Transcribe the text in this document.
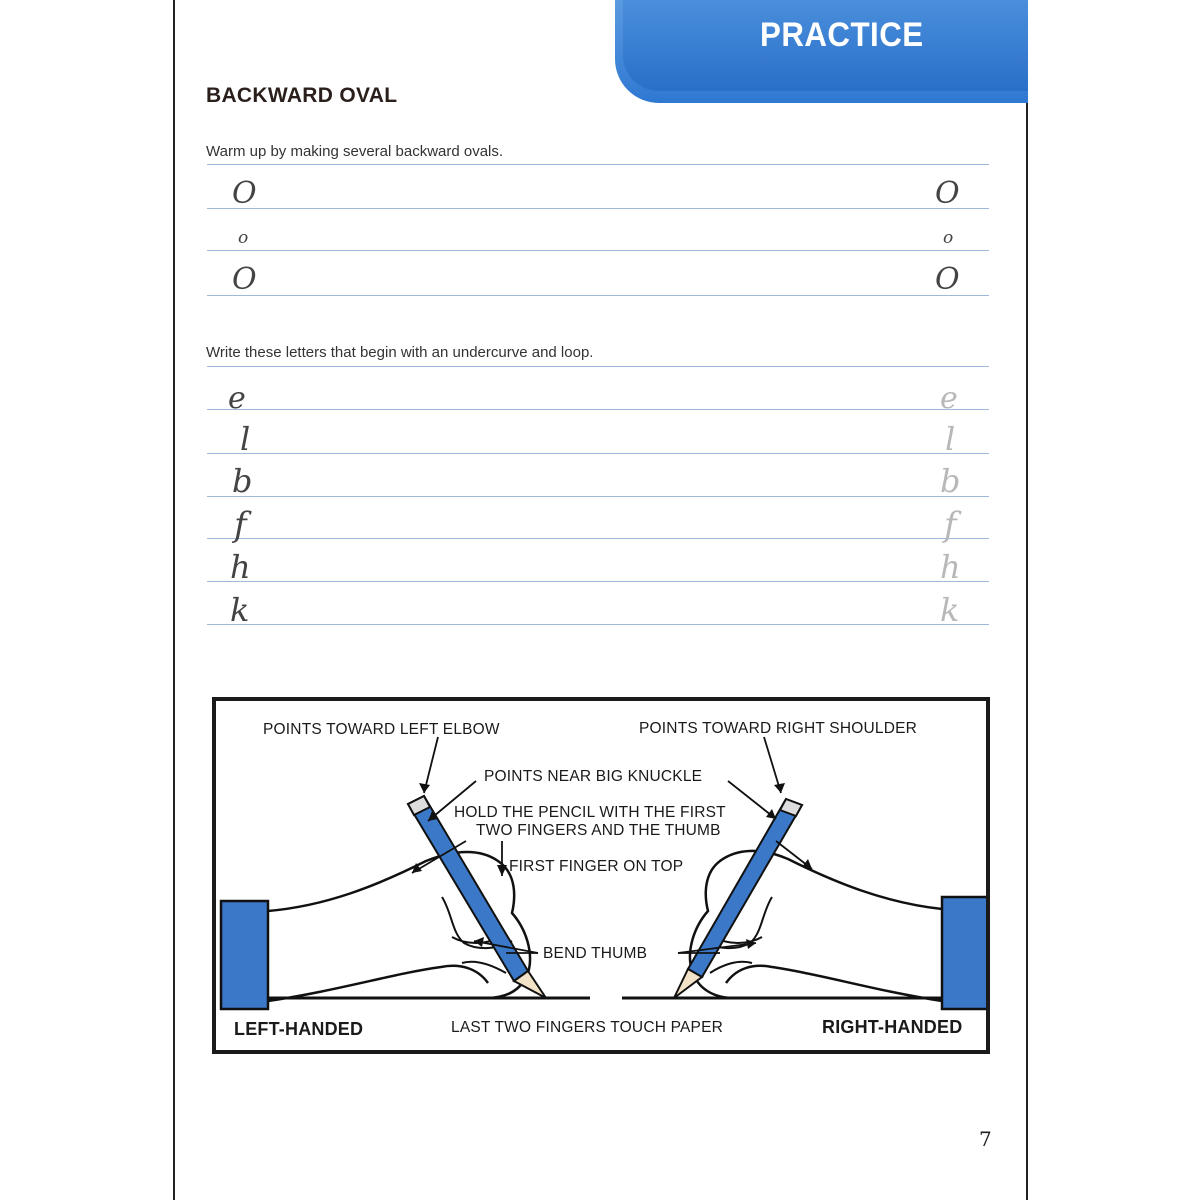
PRACTICE
BACKWARD OVAL
Warm up by making several backward ovals.
O	O
o	o
O	O
Write these letters that begin with an undercurve and loop.
e	e
l	l
b	b
f	f
h	h
k	k
POINTS TOWARD LEFT ELBOW	POINTS TOWARD RIGHT SHOULDER
POINTS NEAR BIG KNUCKLE
HOLD THE PENCIL WITH THE FIRST
TWO FINGERS AND THE THUMB
FIRST FINGER ON TOP
BEND THUMB
LEFT-HANDED	LAST TWO FINGERS TOUCH PAPER	RIGHT-HANDED
7
